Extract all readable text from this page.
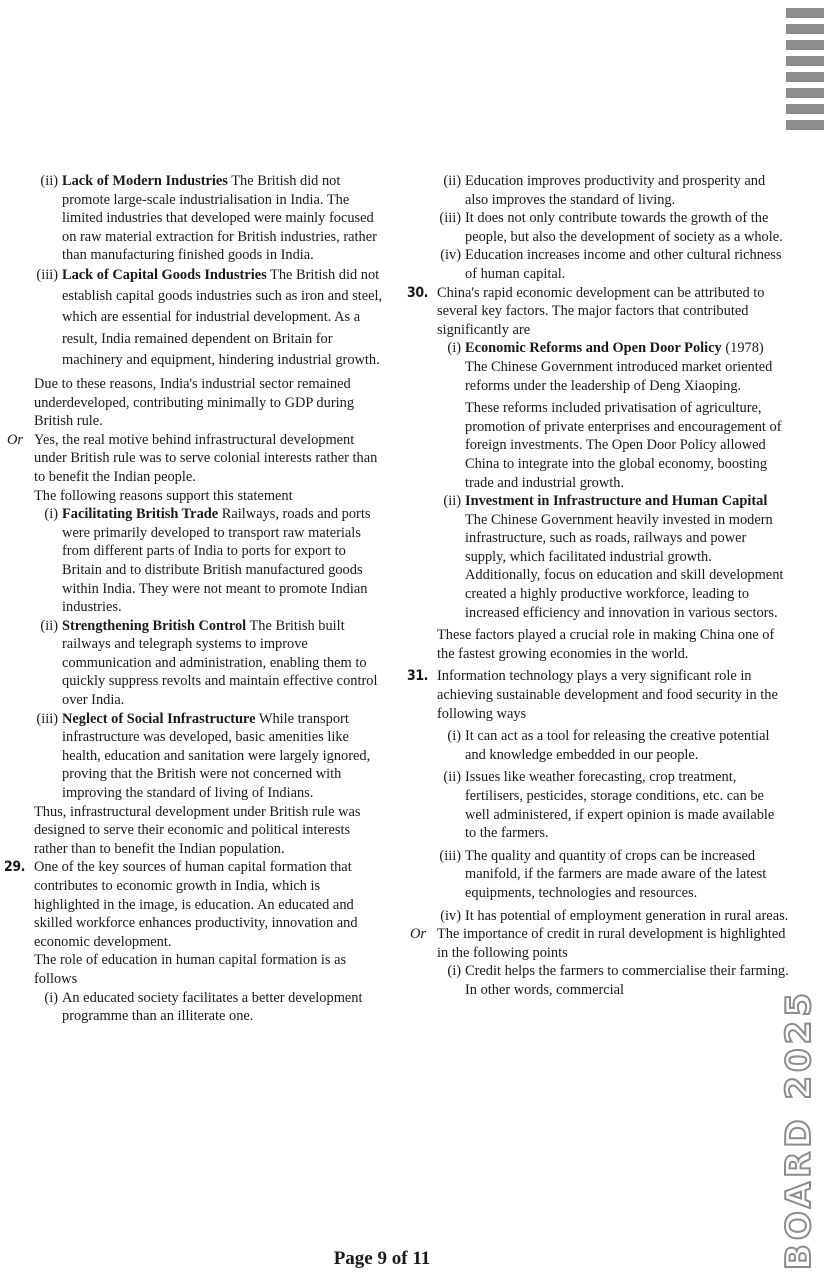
(ii) Lack of Modern Industries The British did not promote large-scale industrialisation in India. The limited industries that developed were mainly focused on raw material extraction for British industries, rather than manufacturing finished goods in India.
(iii) Lack of Capital Goods Industries The British did not establish capital goods industries such as iron and steel, which are essential for industrial development. As a result, India remained dependent on Britain for machinery and equipment, hindering industrial growth.

Due to these reasons, India's industrial sector remained underdeveloped, contributing minimally to GDP during British rule.

Or Yes, the real motive behind infrastructural development under British rule was to serve colonial interests rather than to benefit the Indian people.

The following reasons support this statement

(i) Facilitating British Trade Railways, roads and ports were primarily developed to transport raw materials from different parts of India to ports for export to Britain and to distribute British manufactured goods within India. They were not meant to promote Indian industries.
(ii) Strengthening British Control The British built railways and telegraph systems to improve communication and administration, enabling them to quickly suppress revolts and maintain effective control over India.
(iii) Neglect of Social Infrastructure While transport infrastructure was developed, basic amenities like health, education and sanitation were largely ignored, proving that the British were not concerned with improving the standard of living of Indians.

Thus, infrastructural development under British rule was designed to serve their economic and political interests rather than to benefit the Indian population.

29. One of the key sources of human capital formation that contributes to economic growth in India, which is highlighted in the image, is education. An educated and skilled workforce enhances productivity, innovation and economic development.

The role of education in human capital formation is as follows

(i) An educated society facilitates a better development programme than an illiterate one.
(ii) Education improves productivity and prosperity and also improves the standard of living.
(iii) It does not only contribute towards the growth of the people, but also the development of society as a whole.
(iv) Education increases income and other cultural richness of human capital.
30. China's rapid economic development can be attributed to several key factors. The major factors that contributed significantly are

(i) Economic Reforms and Open Door Policy (1978) The Chinese Government introduced market oriented reforms under the leadership of Deng Xiaoping.
These reforms included privatisation of agriculture, promotion of private enterprises and encouragement of foreign investments. The Open Door Policy allowed China to integrate into the global economy, boosting trade and industrial growth.
(ii) Investment in Infrastructure and Human Capital The Chinese Government heavily invested in modern infrastructure, such as roads, railways and power supply, which facilitated industrial growth. Additionally, focus on education and skill development created a highly productive workforce, leading to increased efficiency and innovation in various sectors.

These factors played a crucial role in making China one of the fastest growing economies in the world.

31. Information technology plays a very significant role in achieving sustainable development and food security in the following ways

(i) It can act as a tool for releasing the creative potential and knowledge embedded in our people.
(ii) Issues like weather forecasting, crop treatment, fertilisers, pesticides, storage conditions, etc. can be well administered, if expert opinion is made available to the farmers.
(iii) The quality and quantity of crops can be increased manifold, if the farmers are made aware of the latest equipments, technologies and resources.
(iv) It has potential of employment generation in rural areas.
Or The importance of credit in rural development is highlighted in the following points

(i) Credit helps the farmers to commercialise their farming. In other words, commercial	BOARD 2025
Page 9 of 11
